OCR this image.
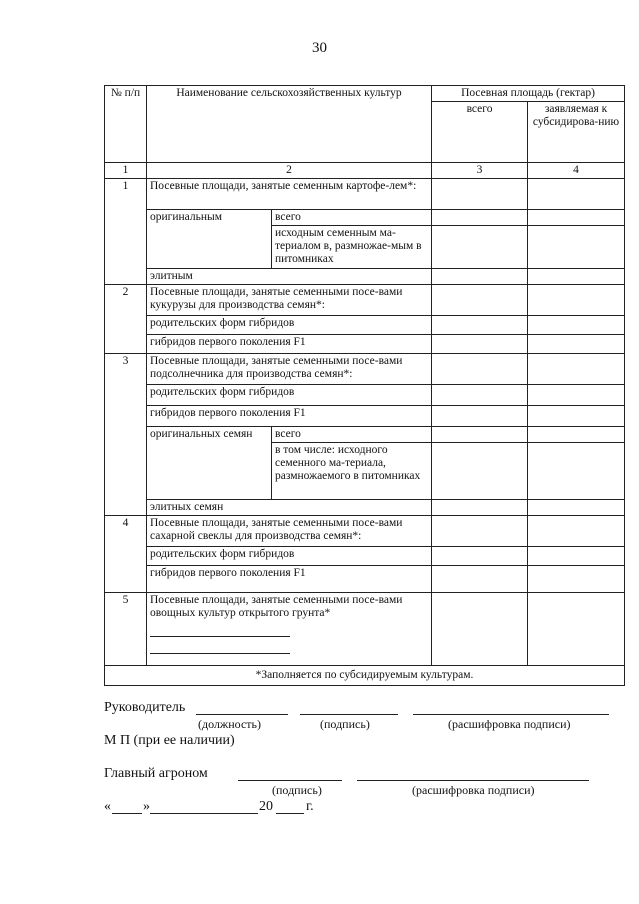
30
№ п/п	Наименование сельскохозяйственных культур		Посевная площадь (гектар)	
			всего	заявляемая к субсидирова-нию
1	2		3	4
1	Посевные площади, занятые семенным картофе-лем*:			
	оригинальным	всего		
		исходным семенным ма-териалом в, размножае-мым в питомниках		
	элитным			
2	Посевные площади, занятые семенными посе-вами кукурузы для производства семян*:			
	родительских форм гибридов			
	гибридов первого поколения F1			
3	Посевные площади, занятые семенными посе-вами подсолнечника для производства семян*:			
	родительских форм гибридов			
	гибридов первого поколения F1			
	оригинальных семян	всего		
		в том числе: исходного семенного ма-териала, размножаемого в питомниках		
	элитных семян			
4	Посевные площади, занятые семенными посе-вами сахарной свеклы для производства семян*:			
	родительских форм гибридов			
	гибридов первого поколения F1			
5	Посевные площади, занятые семенными посе-вами овощных культур открытого грунта*			

*Заполняется по субсидируемым культурам.				
Руководитель
(должность)	(подпись)	(расшифровка подписи)
М П (при ее наличии)
Главный агроном
(подпись)	(расшифровка подписи)
« »	20 г.
